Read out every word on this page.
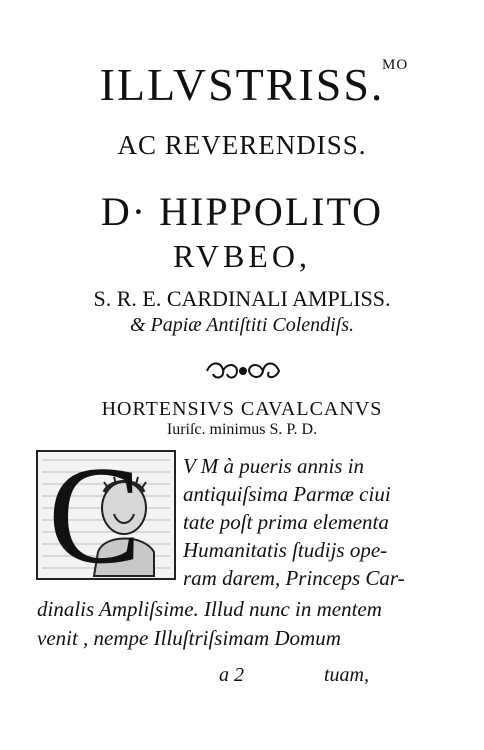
ILLVSTRISS.
MO
AC REVERENDISS.
D· HIPPOLITO
RVBEO,
S. R. E. CARDINALI AMPLISS.
& Papiæ Antiſtiti Colendiſs.
HORTENSIVS CAVALCANVS
Iuriſc. minimus S. P. D.
C V M à pueris annis in
antiquiſsima Parmæ ciui
tate poſt prima elementa
Humanitatis ſtudijs ope-
ram darem, Princeps Car-
dinalis Ampliſsime. Illud nunc in mentem
venit , nempe Illuſtriſsimam Domum
a 2	tuam,
